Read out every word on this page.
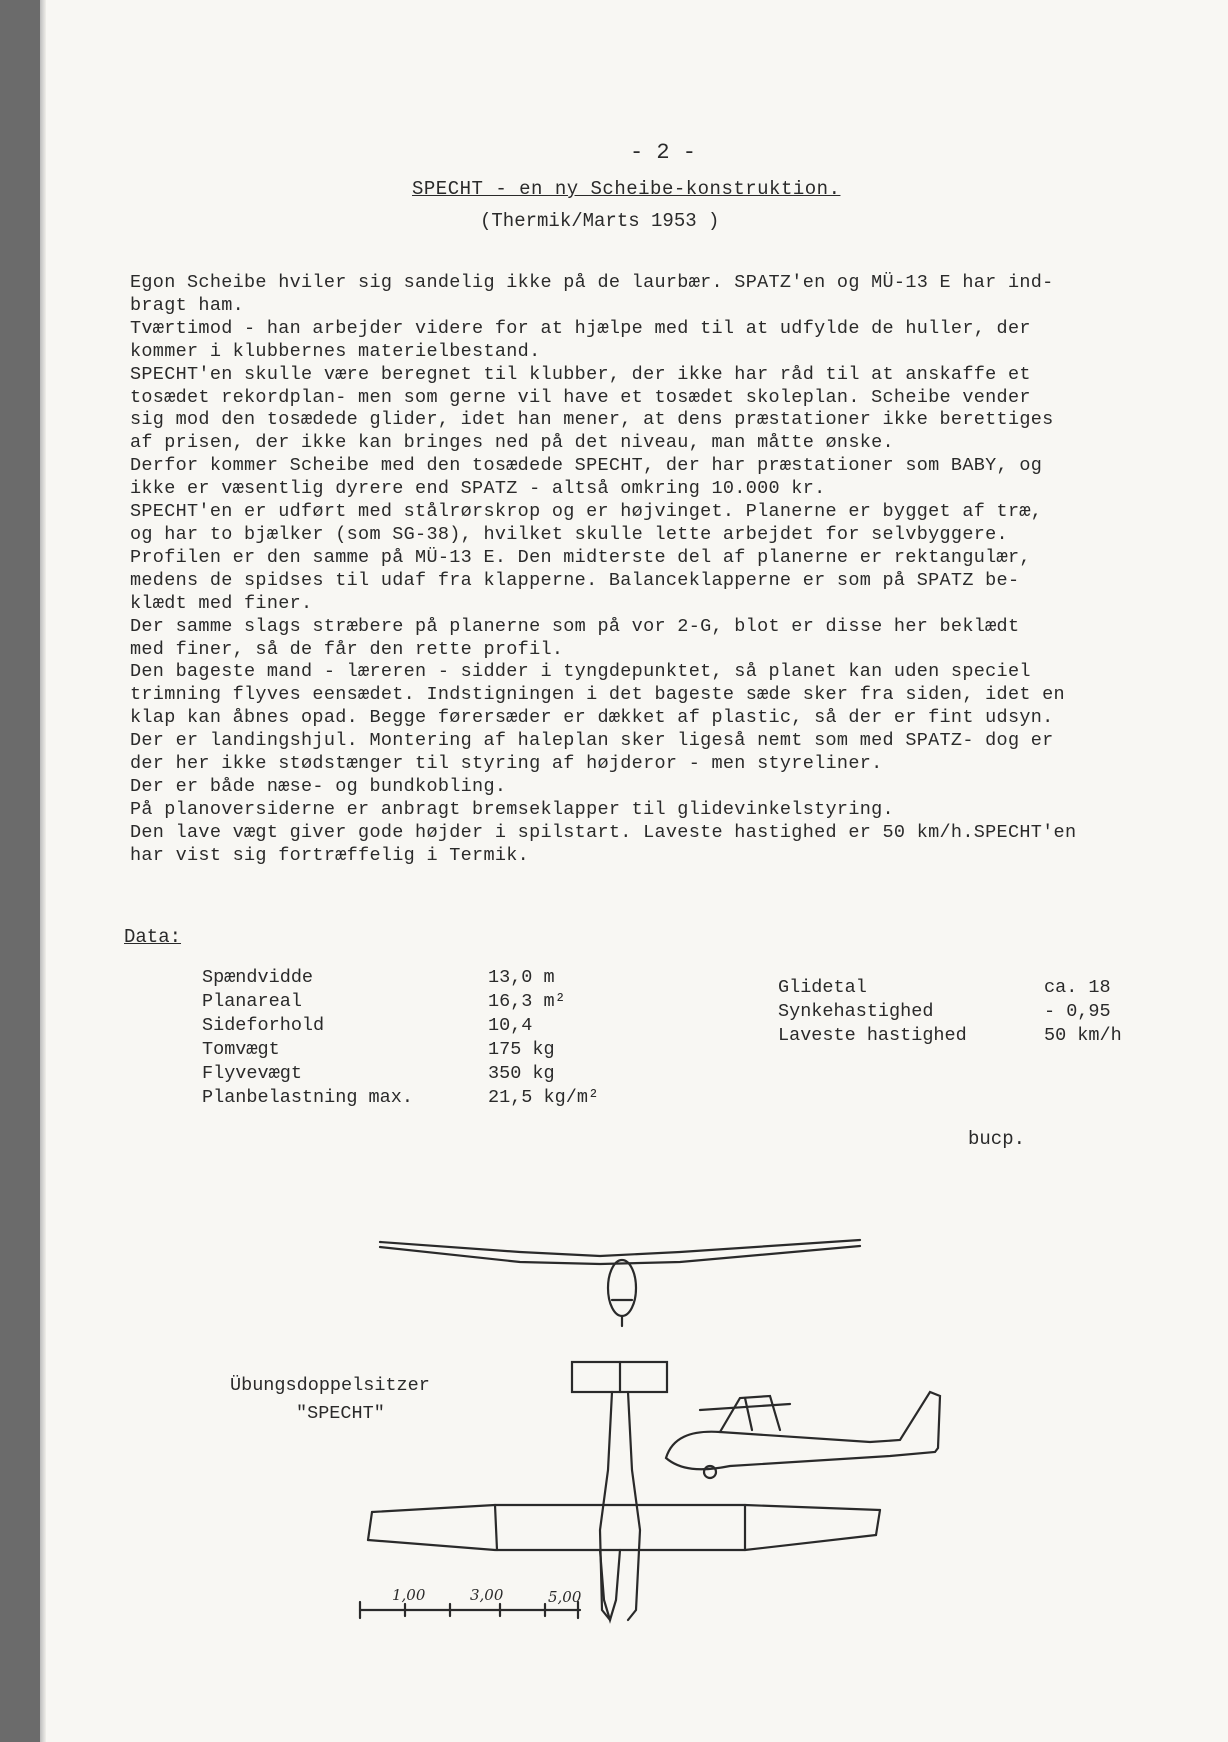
- 2 -
SPECHT - en ny Scheibe-konstruktion.
(Thermik/Marts 1953 )
Egon Scheibe hviler sig sandelig ikke på de laurbær. SPATZ'en og MÜ-13 E har ind-
bragt ham.
Tværtimod - han arbejder videre for at hjælpe med til at udfylde de huller, der
kommer i klubbernes materielbestand.
SPECHT'en skulle være beregnet til klubber, der ikke har råd til at anskaffe et
tosædet rekordplan- men som gerne vil have et tosædet skoleplan. Scheibe vender
sig mod den tosædede glider, idet han mener, at dens præstationer ikke berettiges
af prisen, der ikke kan bringes ned på det niveau, man måtte ønske.
Derfor kommer Scheibe med den tosædede SPECHT, der har præstationer som BABY, og
ikke er væsentlig dyrere end SPATZ - altså omkring 10.000 kr.
SPECHT'en er udført med stålrørskrop og er højvinget. Planerne er bygget af træ,
og har to bjælker (som SG-38), hvilket skulle lette arbejdet for selvbyggere.
Profilen er den samme på MÜ-13 E. Den midterste del af planerne er rektangulær,
medens de spidses til udaf fra klapperne. Balanceklapperne er som på SPATZ be-
klædt med finer.
Der samme slags stræbere på planerne som på vor 2-G, blot er disse her beklædt
med finer, så de får den rette profil.
Den bageste mand - læreren - sidder i tyngdepunktet, så planet kan uden speciel
trimning flyves eensædet. Indstigningen i det bageste sæde sker fra siden, idet en
klap kan åbnes opad. Begge førersæder er dækket af plastic, så der er fint udsyn.
Der er landingshjul. Montering af haleplan sker ligeså nemt som med SPATZ- dog er
der her ikke stødstænger til styring af højderor - men styreliner.
Der er både næse- og bundkobling.
På planoversiderne er anbragt bremseklapper til glidevinkelstyring.
Den lave vægt giver gode højder i spilstart. Laveste hastighed er 50 km/h.SPECHT'en
har vist sig fortræffelig i Termik.
Data:
Spændvidde
Planareal
Sideforhold
Tomvægt
Flyvevægt
Planbelastning max.
13,0 m
16,3 m²
10,4
175 kg
350 kg
21,5 kg/m²
Glidetal
Synkehastighed
Laveste hastighed
ca. 18
- 0,95
50 km/h
bucp.
Übungsdoppelsitzer
"SPECHT"
1,00	3,00	5,00
